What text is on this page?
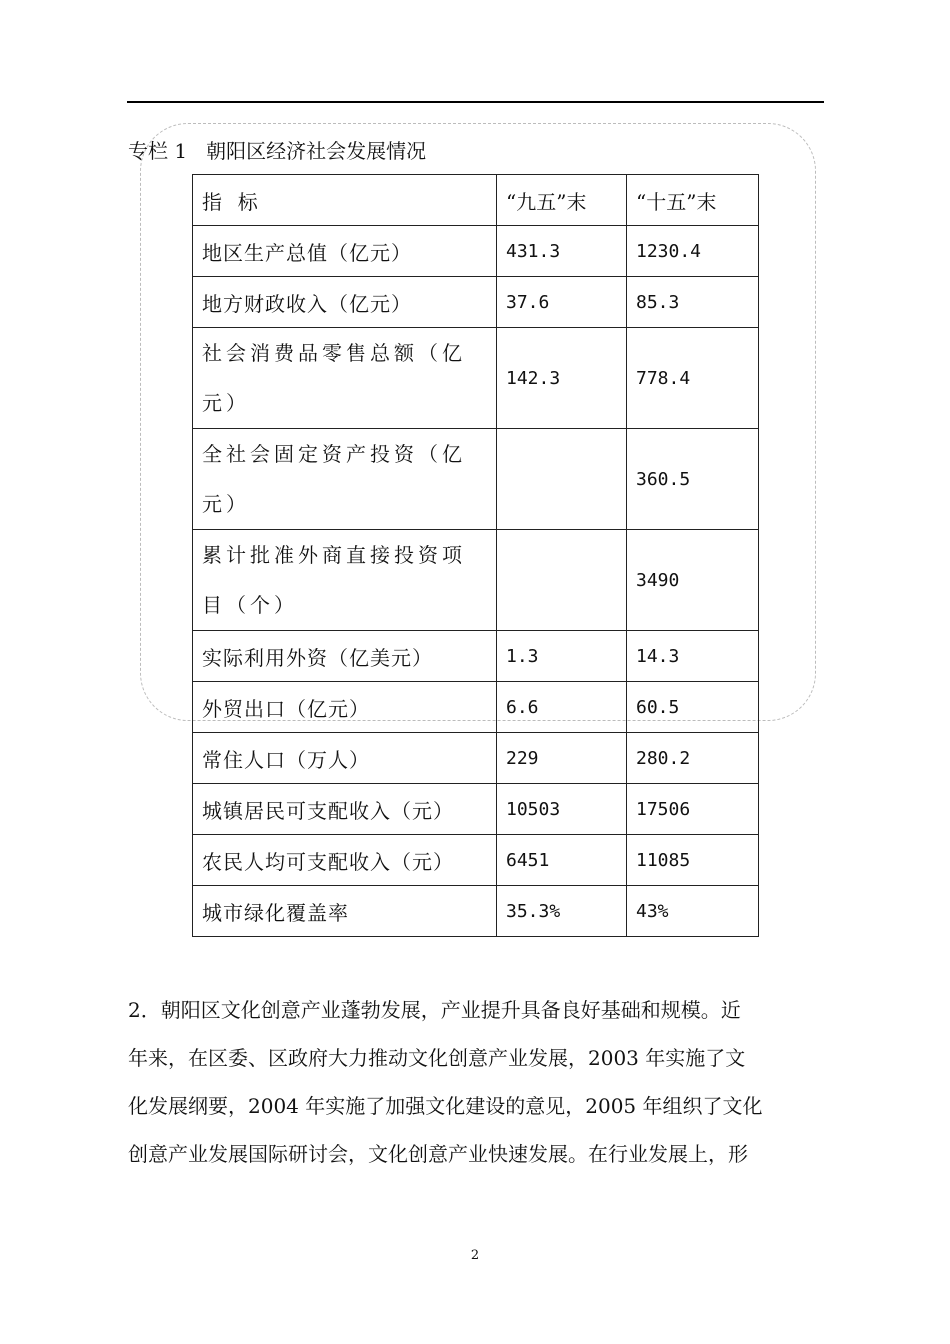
专栏 1   朝阳区经济社会发展情况
指  标	“九五”末	“十五”末
地区生产总值（亿元）	431.3	1230.4
地方财政收入（亿元）	37.6	85.3
社会消费品零售总额（亿元）	142.3	778.4
全社会固定资产投资（亿元）		360.5
累计批准外商直接投资项目（个）		3490
实际利用外资（亿美元）	1.3	14.3
外贸出口（亿元）	6.6	60.5
常住人口（万人）	229	280.2
城镇居民可支配收入（元）	10503	17506
农民人均可支配收入（元）	6451	11085
城市绿化覆盖率	35.3%	43%

2．朝阳区文化创意产业蓬勃发展，产业提升具备良好基础和规模。近

年来，在区委、区政府大力推动文化创意产业发展，2003 年实施了文

化发展纲要，2004 年实施了加强文化建设的意见，2005 年组织了文化

创意产业发展国际研讨会，文化创意产业快速发展。在行业发展上，形

2
